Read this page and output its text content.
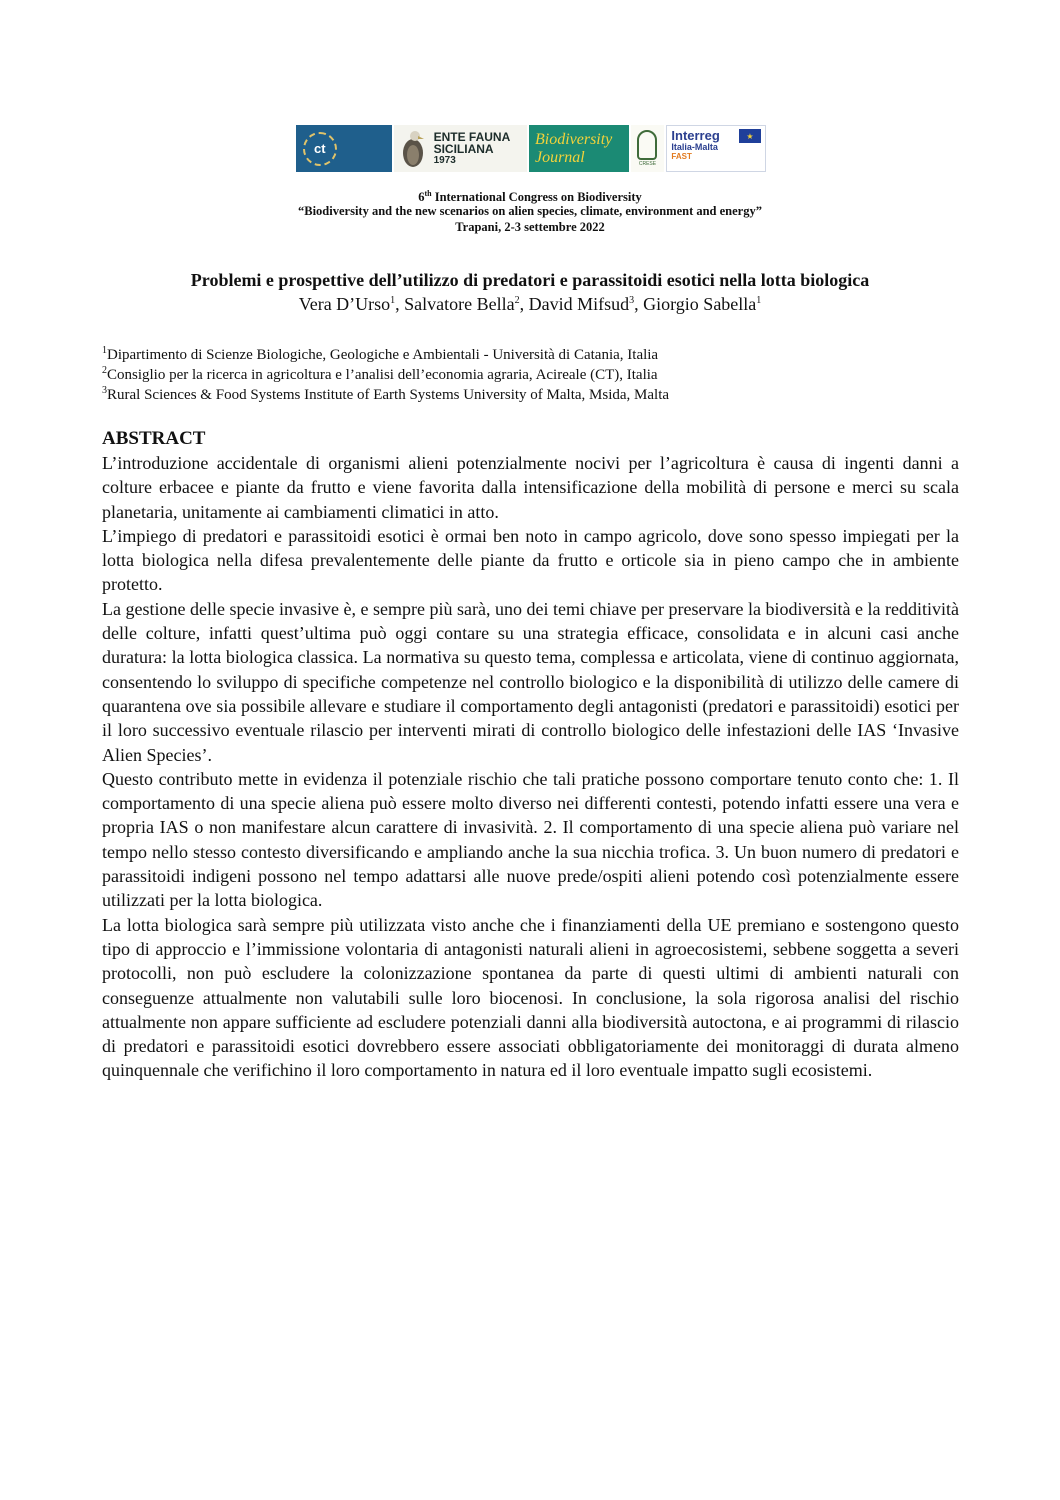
ct

ENTE FAUNA
SICILIANA
1973
Biodiversity
Journal	CRESE
★
Interreg
Italia-Malta
FAST
6th International Congress on Biodiversity
“Biodiversity and the new scenarios on alien species, climate, environment and energy”
Trapani, 2-3 settembre 2022
Problemi e prospettive dell’utilizzo di predatori e parassitoidi esotici nella lotta biologica
Vera D’Urso$^1$, Salvatore Bella$^2$, David Mifsud$^3$, Giorgio Sabella$^1$
$^1$Dipartimento di Scienze Biologiche, Geologiche e Ambientali - Università di Catania, Italia
$^2$Consiglio per la ricerca in agricoltura e l’analisi dell’economia agraria, Acireale (CT), Italia
$^3$Rural Sciences & Food Systems Institute of Earth Systems University of Malta, Msida, Malta
ABSTRACT

L’introduzione accidentale di organismi alieni potenzialmente nocivi per l’agricoltura è causa di ingenti danni a colture erbacee e piante da frutto e viene favorita dalla intensificazione della mobilità di persone e merci su scala planetaria, unitamente ai cambiamenti climatici in atto.

L’impiego di predatori e parassitoidi esotici è ormai ben noto in campo agricolo, dove sono spesso impiegati per la lotta biologica nella difesa prevalentemente delle piante da frutto e orticole sia in pieno campo che in ambiente protetto.

La gestione delle specie invasive è, e sempre più sarà, uno dei temi chiave per preservare la biodiversità e la redditività delle colture, infatti quest’ultima può oggi contare su una strategia efficace, consolidata e in alcuni casi anche duratura: la lotta biologica classica. La normativa su questo tema, complessa e articolata, viene di continuo aggiornata, consentendo lo sviluppo di specifiche competenze nel controllo biologico e la disponibilità di utilizzo delle camere di quarantena ove sia possibile allevare e studiare il comportamento degli antagonisti (predatori e parassitoidi) esotici per il loro successivo eventuale rilascio per interventi mirati di controllo biologico delle infestazioni delle IAS ‘Invasive Alien Species’.

Questo contributo mette in evidenza il potenziale rischio che tali pratiche possono comportare tenuto conto che: 1. Il comportamento di una specie aliena può essere molto diverso nei differenti contesti, potendo infatti essere una vera e propria IAS o non manifestare alcun carattere di invasività. 2. Il comportamento di una specie aliena può variare nel tempo nello stesso contesto diversificando e ampliando anche la sua nicchia trofica. 3. Un buon numero di predatori e parassitoidi indigeni possono nel tempo adattarsi alle nuove prede/ospiti alieni potendo così potenzialmente essere utilizzati per la lotta biologica.

La lotta biologica sarà sempre più utilizzata visto anche che i finanziamenti della UE premiano e sostengono questo tipo di approccio e l’immissione volontaria di antagonisti naturali alieni in agroecosistemi, sebbene soggetta a severi protocolli, non può escludere la colonizzazione spontanea da parte di questi ultimi di ambienti naturali con conseguenze attualmente non valutabili sulle loro biocenosi. In conclusione, la sola rigorosa analisi del rischio attualmente non appare sufficiente ad escludere potenziali danni alla biodiversità autoctona, e ai programmi di rilascio di predatori e parassitoidi esotici dovrebbero essere associati obbligatoriamente dei monitoraggi di durata almeno quinquennale che verifichino il loro comportamento in natura ed il loro eventuale impatto sugli ecosistemi.
